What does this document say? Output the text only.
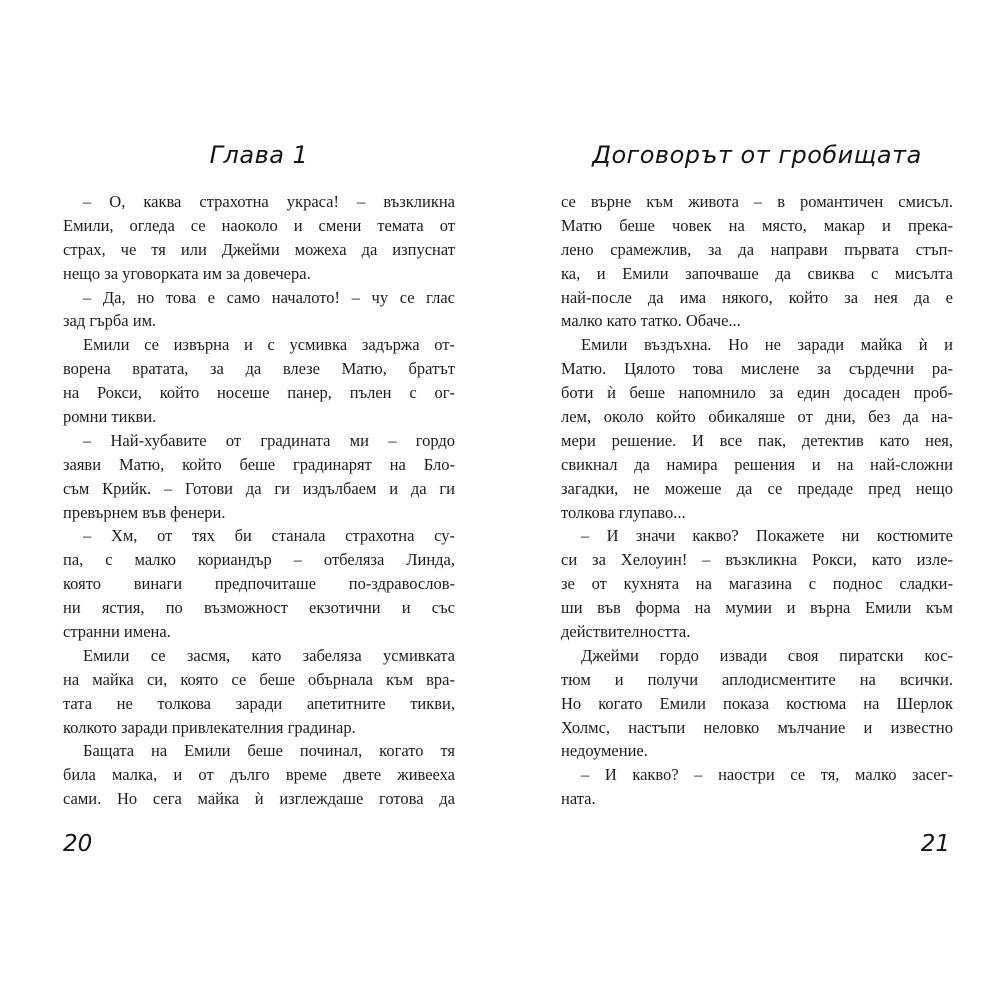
Глава 1
– О, каква страхотна украса! – възкликна
Емили, огледа се наоколо и смени темата от
страх, че тя или Джейми можеха да изпуснат
нещо за уговорката им за довечера.
– Да, но това е само началото! – чу се глас
зад гърба им.
Емили се извърна и с усмивка задържа от-
ворена вратата, за да влезе Матю, братът
на Рокси, който носеше панер, пълен с ог-
ромни тикви.
– Най-хубавите от градината ми – гордо
заяви Матю, който беше градинарят на Бло-
съм Крийк. – Готови да ги издълбаем и да ги
превърнем във фенери.
– Хм, от тях би станала страхотна су-
па, с малко кориандър – отбеляза Линда,
която винаги предпочиташе по-здравослов-
ни ястия, по възможност екзотични и със
странни имена.
Емили се засмя, като забеляза усмивката
на майка си, която се беше обърнала към вра-
тата не толкова заради апетитните тикви,
колкото заради привлекателния градинар.
Бащата на Емили беше починал, когато тя
била малка, и от дълго време двете живееха
сами. Но сега майка ѝ изглеждаше готова да
Договорът от гробищата
се върне към живота – в романтичен смисъл.
Матю беше човек на място, макар и прека-
лено срамежлив, за да направи първата стъп-
ка, и Емили започваше да свиква с мисълта
най-после да има някого, който за нея да е
малко като татко. Обаче...
Емили въздъхна. Но не заради майка ѝ и
Матю. Цялото това мислене за сърдечни ра-
боти ѝ беше напомнило за един досаден проб-
лем, около който обикаляше от дни, без да на-
мери решение. И все пак, детектив като нея,
свикнал да намира решения и на най-сложни
загадки, не можеше да се предаде пред нещо
толкова глупаво...
– И значи какво? Покажете ни костюмите
си за Хелоуин! – възкликна Рокси, като изле-
зе от кухнята на магазина с поднос сладки-
ши във форма на мумии и върна Емили към
действителността.
Джейми гордо извади своя пиратски кос-
тюм и получи аплодисментите на всички.
Но когато Емили показа костюма на Шерлок
Холмс, настъпи неловко мълчание и известно
недоумение.
– И какво? – наостри се тя, малко засег-
ната.
20	21
